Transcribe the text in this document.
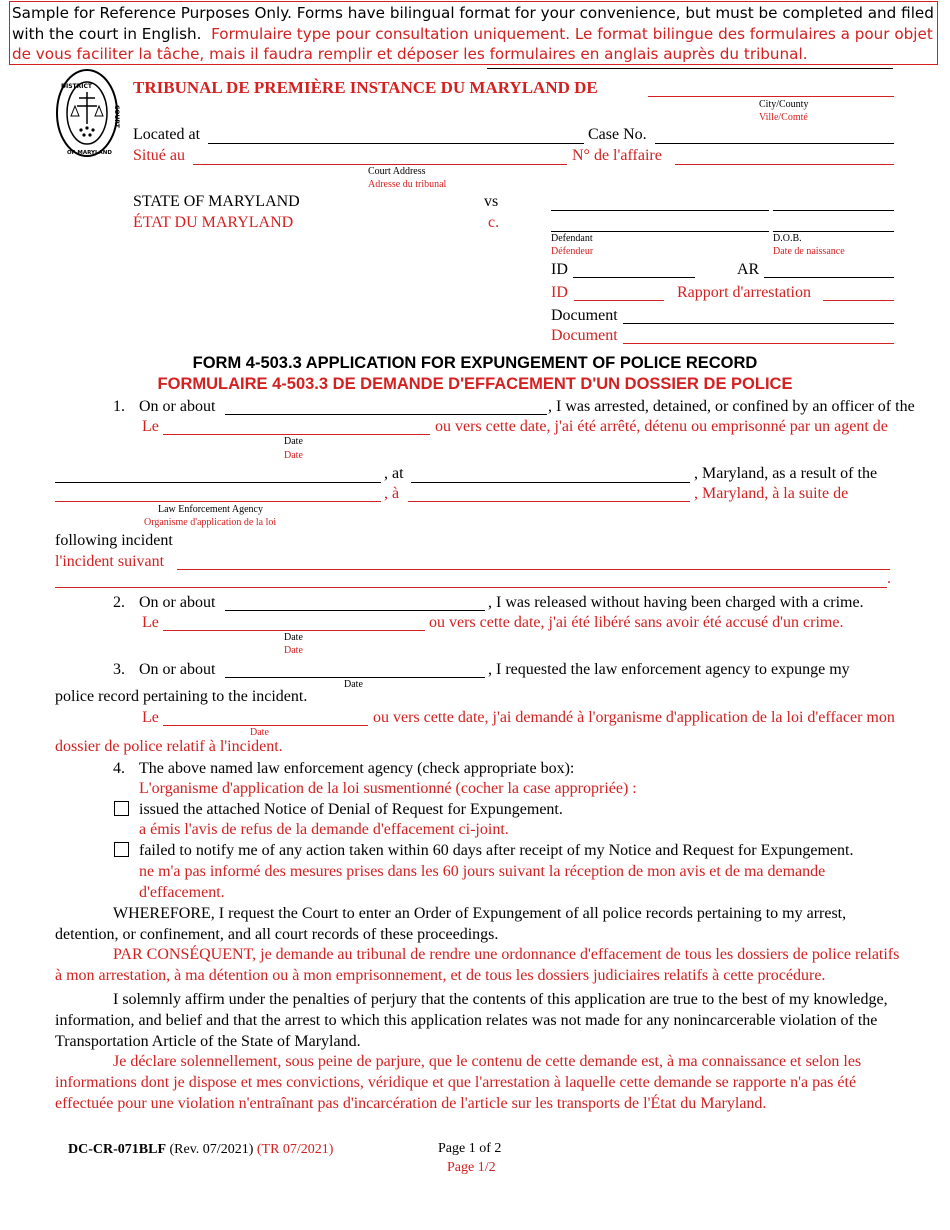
Sample for Reference Purposes Only. Forms have bilingual format for your convenience, but must be completed and filed with the court in English. Formulaire type pour consultation uniquement. Le format bilingue des formulaires a pour objet de vous faciliter la tâche, mais il faudra remplir et déposer les formulaires en anglais auprès du tribunal.
DISTRICT
COURT
OF MARYLAND
TRIBUNAL DE PREMIÈRE INSTANCE DU MARYLAND DE
City/County
Ville/Comté
Located at	Case No.
Situé au	N° de l'affaire
Court Address
Adresse du tribunal
STATE OF MARYLAND
ÉTAT DU MARYLAND
vs
c.
Defendant
Défendeur
D.O.B.
Date de naissance
ID	AR
ID	Rapport d'arrestation
Document
Document
FORM 4-503.3 APPLICATION FOR EXPUNGEMENT OF POLICE RECORD
FORMULAIRE 4-503.3 DE DEMANDE D'EFFACEMENT D'UN DOSSIER DE POLICE
1. On or about	, I was arrested, detained, or confined by an officer of the
Le	ou vers cette date, j'ai été arrêté, détenu ou emprisonné par un agent de
Date
Date
, at	, Maryland, as a result of the
, à	, Maryland, à la suite de
Law Enforcement Agency
Organisme d'application de la loi
following incident
l'incident suivant
.
2. On or about	, I was released without having been charged with a crime.
Le	ou vers cette date, j'ai été libéré sans avoir été accusé d'un crime.
Date
Date
3. On or about	, I requested the law enforcement agency to expunge my
Date
police record pertaining to the incident.
Le	ou vers cette date, j'ai demandé à l'organisme d'application de la loi d'effacer mon
Date
dossier de police relatif à l'incident.
4. The above named law enforcement agency (check appropriate box):
L'organisme d'application de la loi susmentionné (cocher la case appropriée) :
issued the attached Notice of Denial of Request for Expungement.
a émis l'avis de refus de la demande d'effacement ci-joint.
failed to notify me of any action taken within 60 days after receipt of my Notice and Request for Expungement.
ne m'a pas informé des mesures prises dans les 60 jours suivant la réception de mon avis et de ma demande d'effacement.
WHEREFORE, I request the Court to enter an Order of Expungement of all police records pertaining to my arrest, detention, or confinement, and all court records of these proceedings.
PAR CONSÉQUENT, je demande au tribunal de rendre une ordonnance d'effacement de tous les dossiers de police relatifs à mon arrestation, à ma détention ou à mon emprisonnement, et de tous les dossiers judiciaires relatifs à cette procédure.
I solemnly affirm under the penalties of perjury that the contents of this application are true to the best of my knowledge, information, and belief and that the arrest to which this application relates was not made for any nonincarcerable violation of the Transportation Article of the State of Maryland.
Je déclare solennellement, sous peine de parjure, que le contenu de cette demande est, à ma connaissance et selon les informations dont je dispose et mes convictions, véridique et que l'arrestation à laquelle cette demande se rapporte n'a pas été effectuée pour une violation n'entraînant pas d'incarcération de l'article sur les transports de l'État du Maryland.
DC-CR-071BLF (Rev. 07/2021) (TR 07/2021)	Page 1 of 2
Page 1/2
